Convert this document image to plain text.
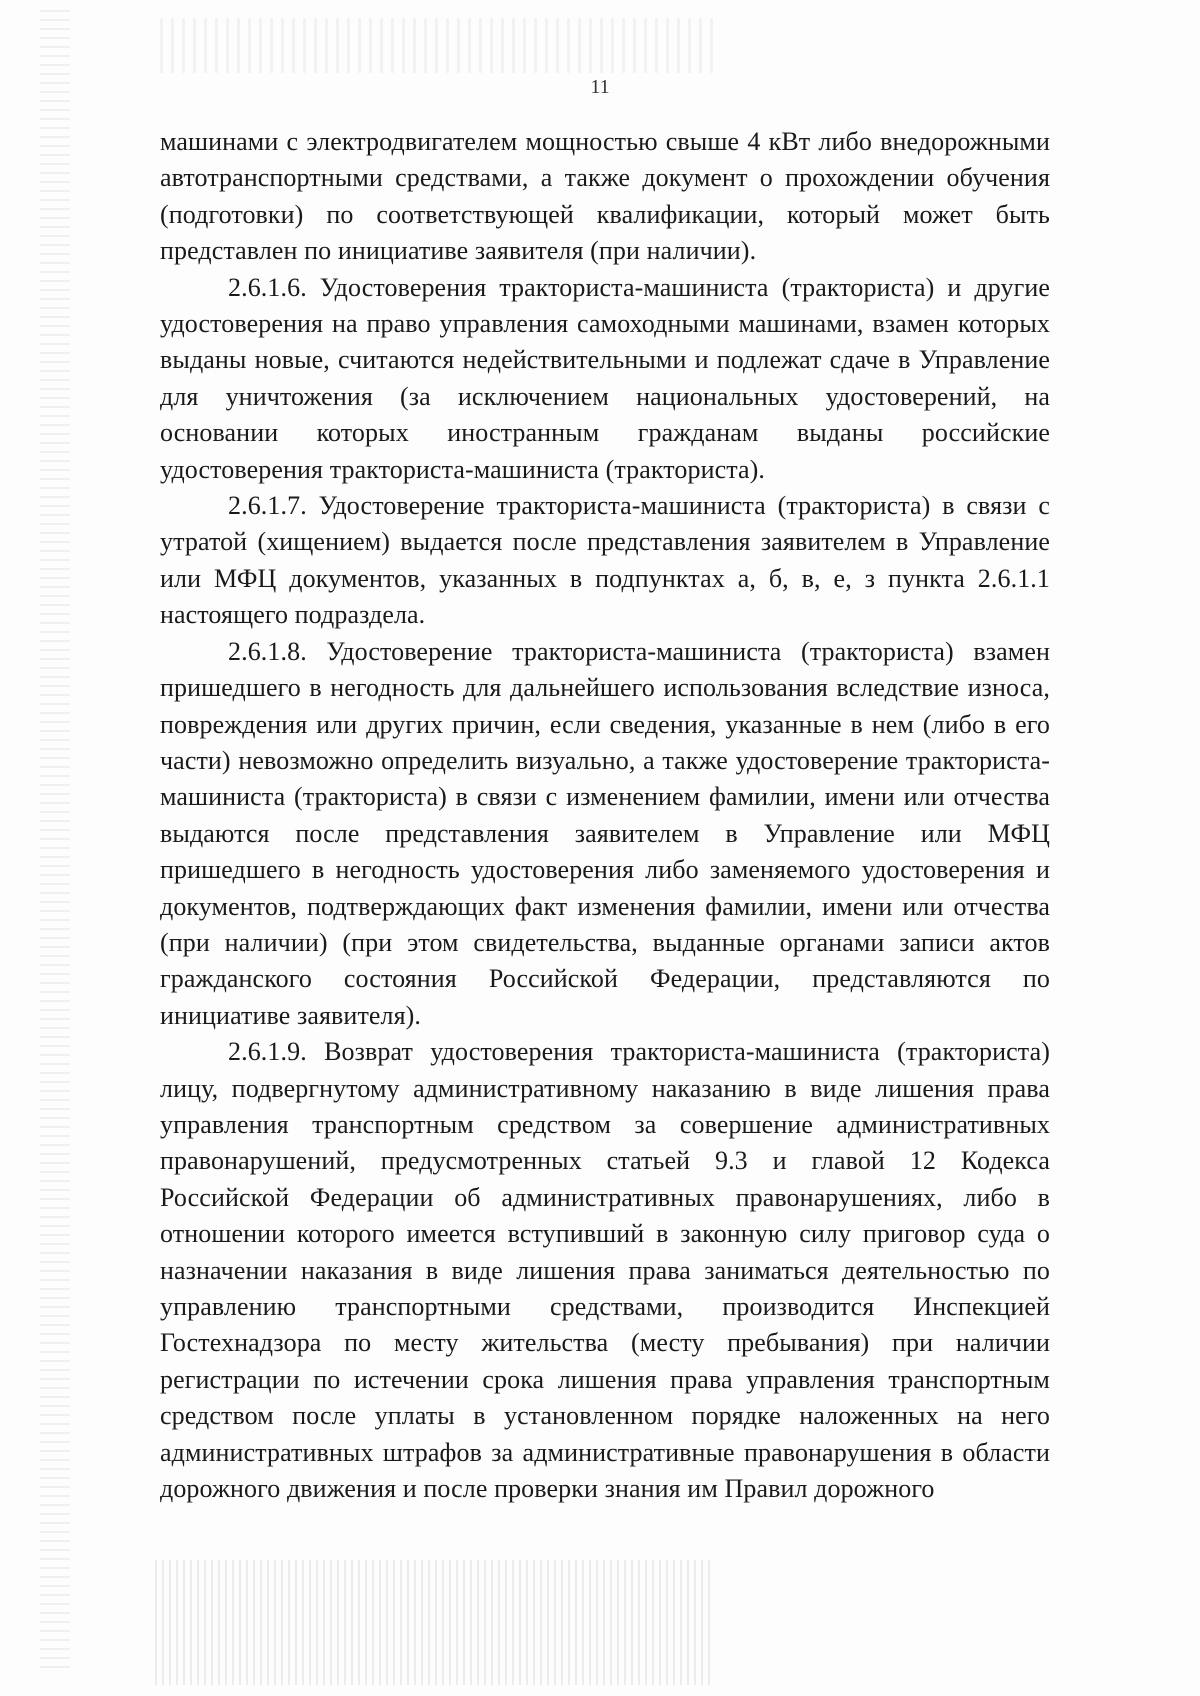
11

машинами с электродвигателем мощностью свыше 4 кВт либо внедорожными автотранспортными средствами, а также документ о прохождении обучения (подготовки) по соответствующей квалификации, который может быть представлен по инициативе заявителя (при наличии).

2.6.1.6. Удостоверения тракториста-машиниста (тракториста) и другие удостоверения на право управления самоходными машинами, взамен которых выданы новые, считаются недействительными и подлежат сдаче в Управление для уничтожения (за исключением национальных удостоверений, на основании которых иностранным гражданам выданы российские удостоверения тракториста-машиниста (тракториста).

2.6.1.7. Удостоверение тракториста-машиниста (тракториста) в связи с утратой (хищением) выдается после представления заявителем в Управление или МФЦ документов, указанных в подпунктах а, б, в, е, з пункта 2.6.1.1 настоящего подраздела.

2.6.1.8. Удостоверение тракториста-машиниста (тракториста) взамен пришедшего в негодность для дальнейшего использования вследствие износа, повреждения или других причин, если сведения, указанные в нем (либо в его части) невозможно определить визуально, а также удостоверение тракториста-машиниста (тракториста) в связи с изменением фамилии, имени или отчества выдаются после представления заявителем в Управление или МФЦ пришедшего в негодность удостоверения либо заменяемого удостоверения и документов, подтверждающих факт изменения фамилии, имени или отчества (при наличии) (при этом свидетельства, выданные органами записи актов гражданского состояния Российской Федерации, представляются по инициативе заявителя).

2.6.1.9. Возврат удостоверения тракториста-машиниста (тракториста) лицу, подвергнутому административному наказанию в виде лишения права управления транспортным средством за совершение административных правонарушений, предусмотренных статьей 9.3 и главой 12 Кодекса Российской Федерации об административных правонарушениях, либо в отношении которого имеется вступивший в законную силу приговор суда о назначении наказания в виде лишения права заниматься деятельностью по управлению транспортными средствами, производится Инспекцией Гостехнадзора по месту жительства (месту пребывания) при наличии регистрации по истечении срока лишения права управления транспортным средством после уплаты в установленном порядке наложенных на него административных штрафов за административные правонарушения в области дорожного движения и после проверки знания им Правил дорожного
